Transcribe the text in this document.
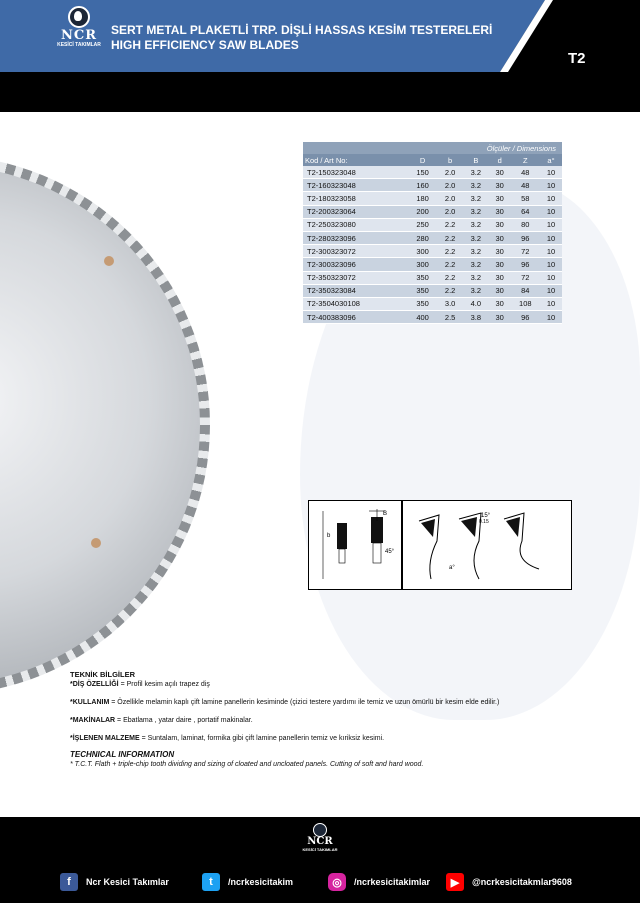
NCR
KESİCİ TAKIMLAR
SERT METAL PLAKETLİ TRP. DİŞLİ HASSAS KESİM TESTERELERİ
HIGH EFFICIENCY SAW BLADES
T2
Ölçüler / Dimensions						
Kod / Art No:	D	b	B	d	Z	a°
T2-150323048	150	2.0	3.2	30	48	10
T2-160323048	160	2.0	3.2	30	48	10
T2-180323058	180	2.0	3.2	30	58	10
T2-200323064	200	2.0	3.2	30	64	10
T2-250323080	250	2.2	3.2	30	80	10
T2-280323096	280	2.2	3.2	30	96	10
T2-300323072	300	2.2	3.2	30	72	10
T2-300323096	300	2.2	3.2	30	96	10
T2-350323072	350	2.2	3.2	30	72	10
T2-350323084	350	2.2	3.2	30	84	10
T2-3504030108	350	3.0	4.0	30	108	10
T2-400383096	400	2.5	3.8	30	96	10
b
B
45°
15°
a°
0.15

TEKNİK BİLGİLER

*DİŞ ÖZELLİĞİ = Profil kesim açılı trapez diş

*KULLANIM = Özellikle melamin kaplı çift lamine panellerin kesiminde (çizici testere yardımı ile temiz ve uzun ömürlü bir kesim elde edilir.)

*MAKİNALAR = Ebatlama , yatar daire , portatif makinalar.

*İŞLENEN MALZEME = Suntalam, laminat, formika gibi çift lamine panellerin temiz ve kıriksiz kesimi.

TECHNICAL INFORMATION

* T.C.T. Flath + triple-chip tooth dividing and sizing of cloated and uncloated panels. Cutting of soft and hard wood.

NCR
KESİCİ TAKIMLAR
f	Ncr Kesici Takımlar	t	/ncrkesicitakim	◎	/ncrkesicitakimlar	▶	@ncrkesicitakmlar9608
